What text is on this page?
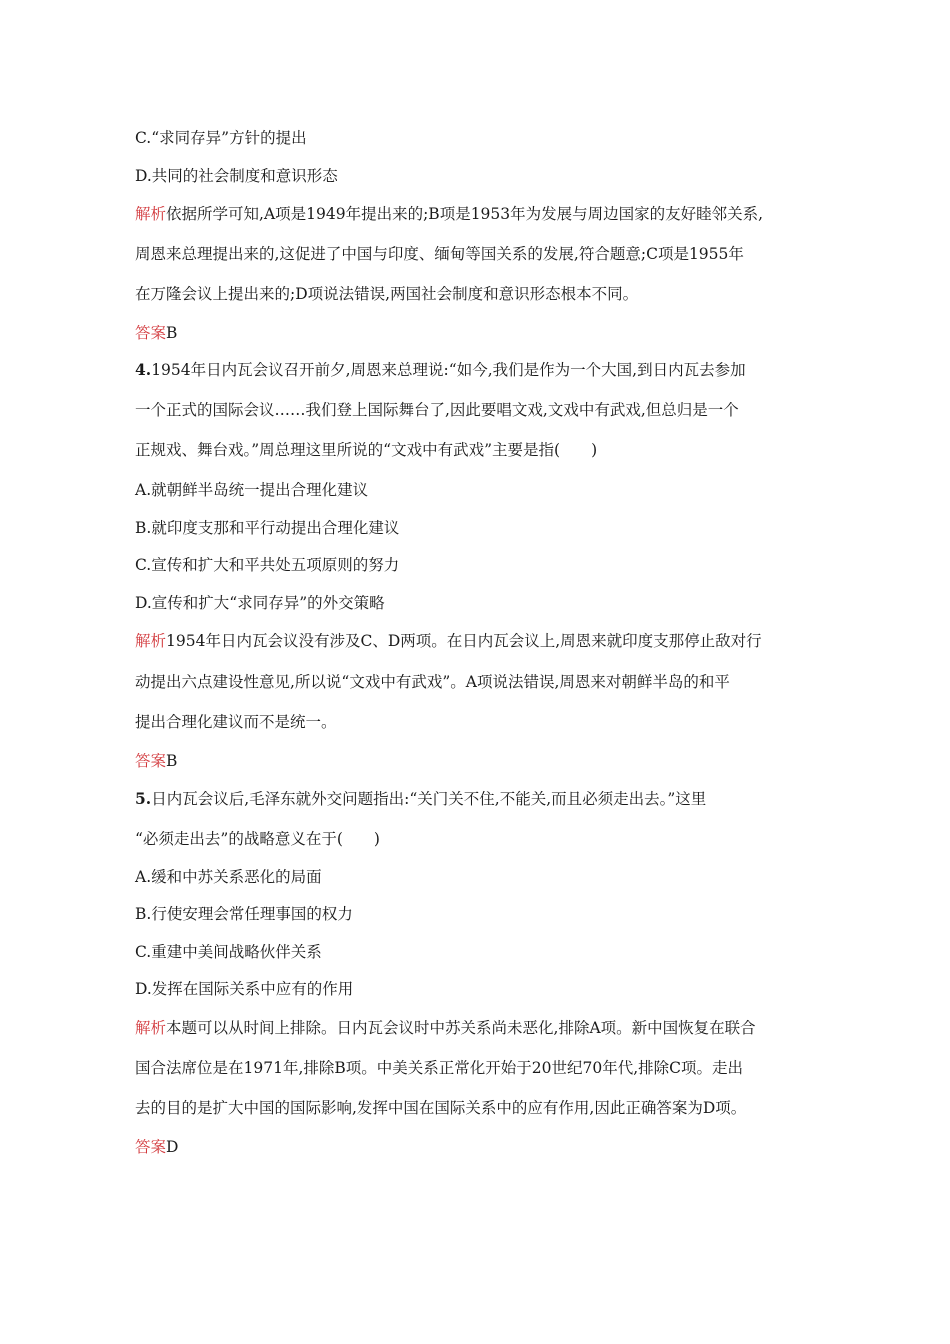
C.“求同存异”方针的提出
D.共同的社会制度和意识形态
解析依据所学可知,A项是1949年提出来的;B项是1953年为发展与周边国家的友好睦邻关系,
周恩来总理提出来的,这促进了中国与印度、缅甸等国关系的发展,符合题意;C项是1955年
在万隆会议上提出来的;D项说法错误,两国社会制度和意识形态根本不同。
答案B
4.1954年日内瓦会议召开前夕,周恩来总理说:“如今,我们是作为一个大国,到日内瓦去参加
一个正式的国际会议……我们登上国际舞台了,因此要唱文戏,文戏中有武戏,但总归是一个
正规戏、舞台戏。”周总理这里所说的“文戏中有武戏”主要是指(　　)
A.就朝鲜半岛统一提出合理化建议
B.就印度支那和平行动提出合理化建议
C.宣传和扩大和平共处五项原则的努力
D.宣传和扩大“求同存异”的外交策略
解析1954年日内瓦会议没有涉及C、D两项。在日内瓦会议上,周恩来就印度支那停止敌对行
动提出六点建设性意见,所以说“文戏中有武戏”。A项说法错误,周恩来对朝鲜半岛的和平
提出合理化建议而不是统一。
答案B
5.日内瓦会议后,毛泽东就外交问题指出:“关门关不住,不能关,而且必须走出去。”这里
“必须走出去”的战略意义在于(　　)
A.缓和中苏关系恶化的局面
B.行使安理会常任理事国的权力
C.重建中美间战略伙伴关系
D.发挥在国际关系中应有的作用
解析本题可以从时间上排除。日内瓦会议时中苏关系尚未恶化,排除A项。新中国恢复在联合
国合法席位是在1971年,排除B项。中美关系正常化开始于20世纪70年代,排除C项。走出
去的目的是扩大中国的国际影响,发挥中国在国际关系中的应有作用,因此正确答案为D项。
答案D
